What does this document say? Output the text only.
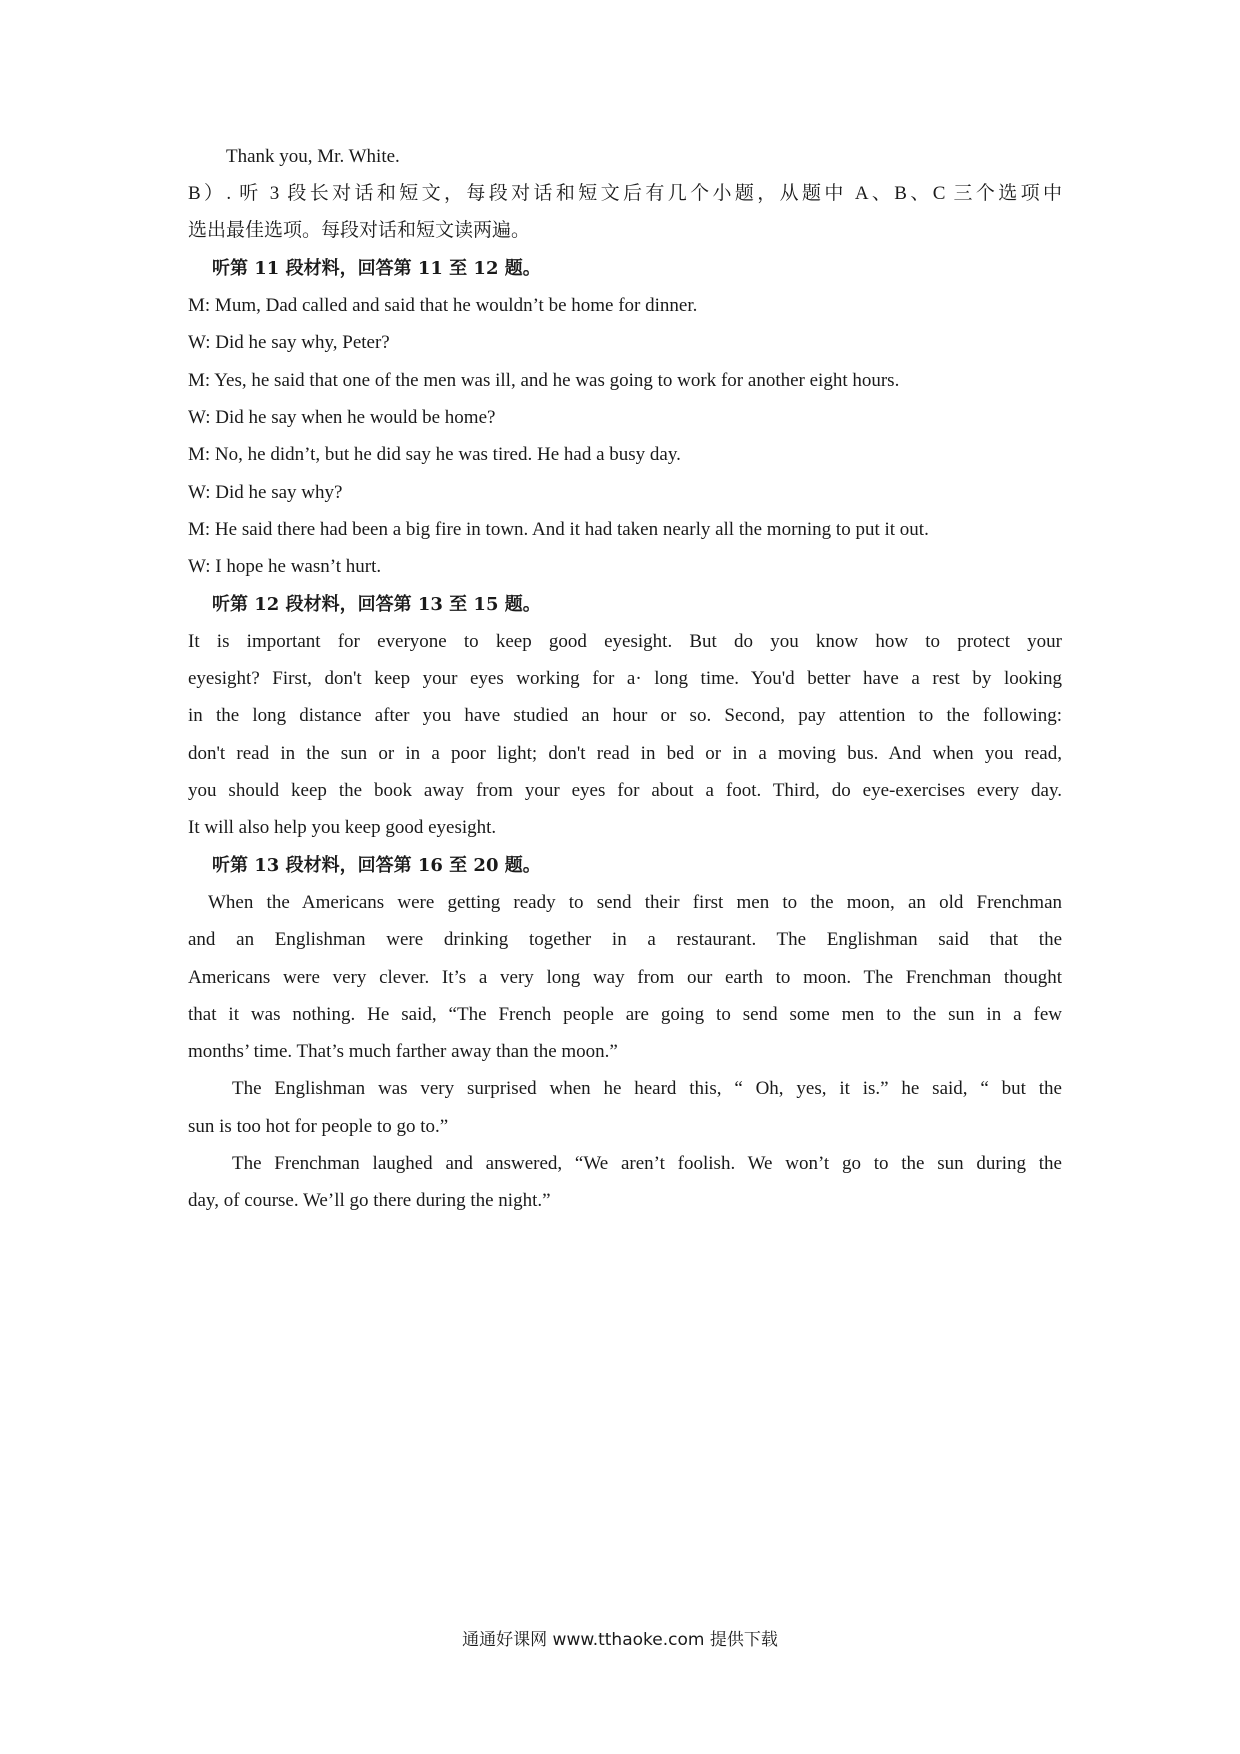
Thank you, Mr. White.
B）. 听 3 段长对话和短文，每段对话和短文后有几个小题，从题中 A、B、C 三个选项中
选出最佳选项。每段对话和短文读两遍。
听第 11 段材料，回答第 11 至 12 题。
M: Mum, Dad called and said that he wouldn’t be home for dinner.
W: Did he say why, Peter?
M: Yes, he said that one of the men was ill, and he was going to work for another eight hours.
W: Did he say when he would be home?
M: No, he didn’t, but he did say he was tired. He had a busy day.
W: Did he say why?
M: He said there had been a big fire in town. And it had taken nearly all the morning to put it out.
W: I hope he wasn’t hurt.
听第 12 段材料，回答第 13 至 15 题。
It is important for everyone to keep good eyesight. But do you know how to protect your
eyesight? First, don't keep your eyes working for a· long time. You'd better have a rest by looking
in the long distance after you have studied an hour or so. Second, pay attention to the following:
don't read in the sun or in a poor light; don't read in bed or in a moving bus. And when you read,
you should keep the book away from your eyes for about a foot. Third, do eye-exercises every day.
It will also help you keep good eyesight.
听第 13 段材料，回答第 16 至 20 题。
When the Americans were getting ready to send their first men to the moon, an old Frenchman
and an Englishman were drinking together in a restaurant. The Englishman said that the
Americans were very clever. It’s a very long way from our earth to moon. The Frenchman thought
that it was nothing. He said, “The French people are going to send some men to the sun in a few
months’ time. That’s much farther away than the moon.”
The Englishman was very surprised when he heard this, “ Oh, yes, it is.” he said, “ but the
sun is too hot for people to go to.”
The Frenchman laughed and answered, “We aren’t foolish. We won’t go to the sun during the
day, of course. We’ll go there during the night.”
通通好课网 www.tthaoke.com 提供下载
